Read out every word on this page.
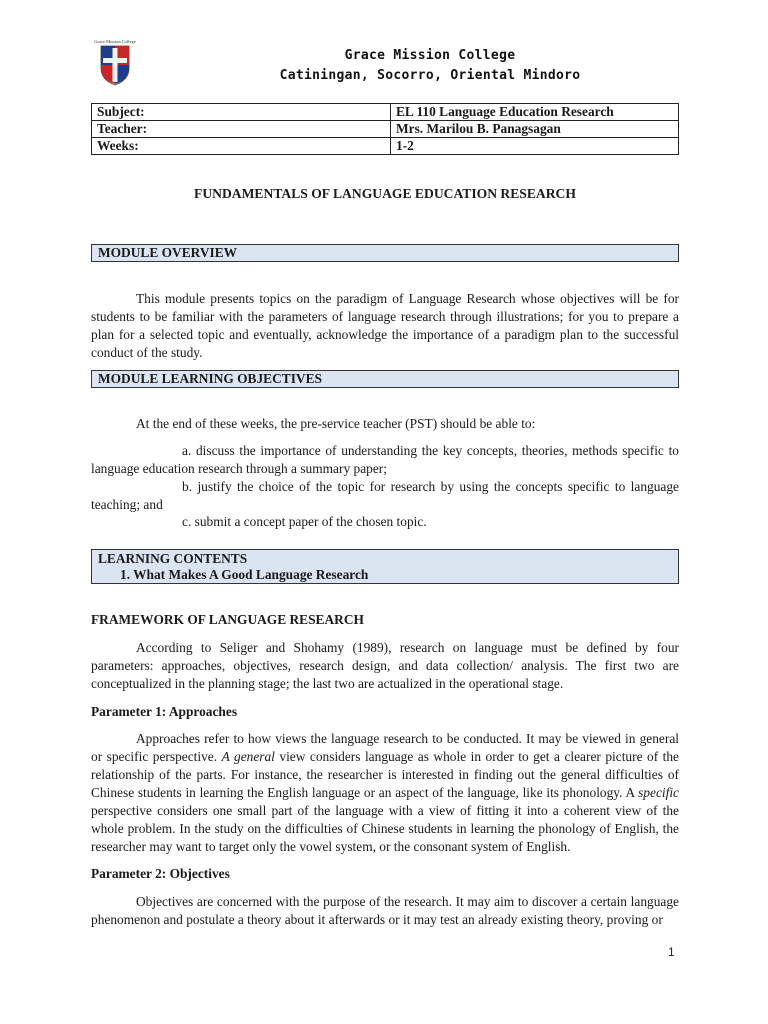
Grace Mission College
Grace Mission College
Catiningan, Socorro, Oriental Mindoro
Subject:	EL 110 Language Education Research
Teacher:	Mrs. Marilou B. Panagsagan
Weeks:	1-2
FUNDAMENTALS OF LANGUAGE EDUCATION RESEARCH
MODULE OVERVIEW
This module presents topics on the paradigm of Language Research whose objectives will be for students to be familiar with the parameters of language research through illustrations; for you to prepare a plan for a selected topic and eventually, acknowledge the importance of a paradigm plan to the successful conduct of the study.
MODULE LEARNING OBJECTIVES
At the end of these weeks, the pre-service teacher (PST) should be able to:
a. discuss the importance of understanding the key concepts, theories, methods specific to language education research through a summary paper;
b. justify the choice of the topic for research by using the concepts specific to language teaching; and
c. submit a concept paper of the chosen topic.
LEARNING CONTENTS
1. What Makes A Good Language Research
FRAMEWORK OF LANGUAGE RESEARCH
According to Seliger and Shohamy (1989), research on language must be defined by four parameters: approaches, objectives, research design, and data collection/ analysis. The first two are conceptualized in the planning stage; the last two are actualized in the operational stage.
Parameter 1: Approaches
Approaches refer to how views the language research to be conducted. It may be viewed in general or specific perspective. A general view considers language as whole in order to get a clearer picture of the relationship of the parts. For instance, the researcher is interested in finding out the general difficulties of Chinese students in learning the English language or an aspect of the language, like its phonology. A specific perspective considers one small part of the language with a view of fitting it into a coherent view of the whole problem. In the study on the difficulties of Chinese students in learning the phonology of English, the researcher may want to target only the vowel system, or the consonant system of English.
Parameter 2: Objectives
Objectives are concerned with the purpose of the research. It may aim to discover a certain language phenomenon and postulate a theory about it afterwards or it may test an already existing theory, proving or
1
